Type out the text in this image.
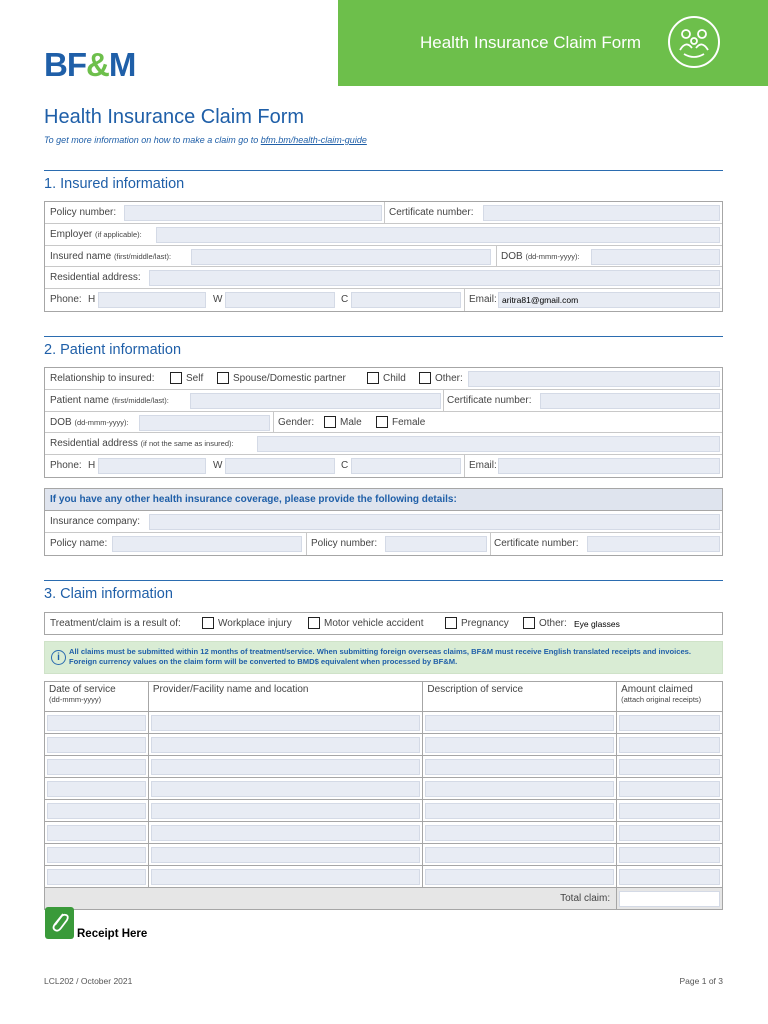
BF&M
Health Insurance Claim Form
Health Insurance Claim Form
To get more information on how to make a claim go to bfm.bm/health-claim-guide
1. Insured information
Policy number:	Certificate number:
Employer (if applicable):
Insured name (first/middle/last):	DOB (dd-mmm-yyyy):
Residential address:
Phone: H	W	C	Email: aritra81@gmail.com
2. Patient information
Relationship to insured:	Self	Spouse/Domestic partner	Child	Other:
Patient name (first/middle/last):	Certificate number:
DOB (dd-mmm-yyyy):	Gender:	Male	Female
Residential address (if not the same as insured):
Phone: H	W	C	Email:
If you have any other health insurance coverage, please provide the following details:
Insurance company:
Policy name:	Policy number:	Certificate number:
3. Claim information
Treatment/claim is a result of:	Workplace injury	Motor vehicle accident	Pregnancy	Other: Eye glasses
i
All claims must be submitted within 12 months of treatment/service. When submitting foreign overseas claims, BF&M must receive English translated receipts and invoices.
Foreign currency values on the claim form will be converted to BMD$ equivalent when processed by BF&M.
Date of service
(dd-mmm-yyyy)	Provider/Facility name and location	Description of service	Amount claimed
(attach original receipts)

Total claim:			
Receipt Here
LCL202 / October 2021	Page 1 of 3
